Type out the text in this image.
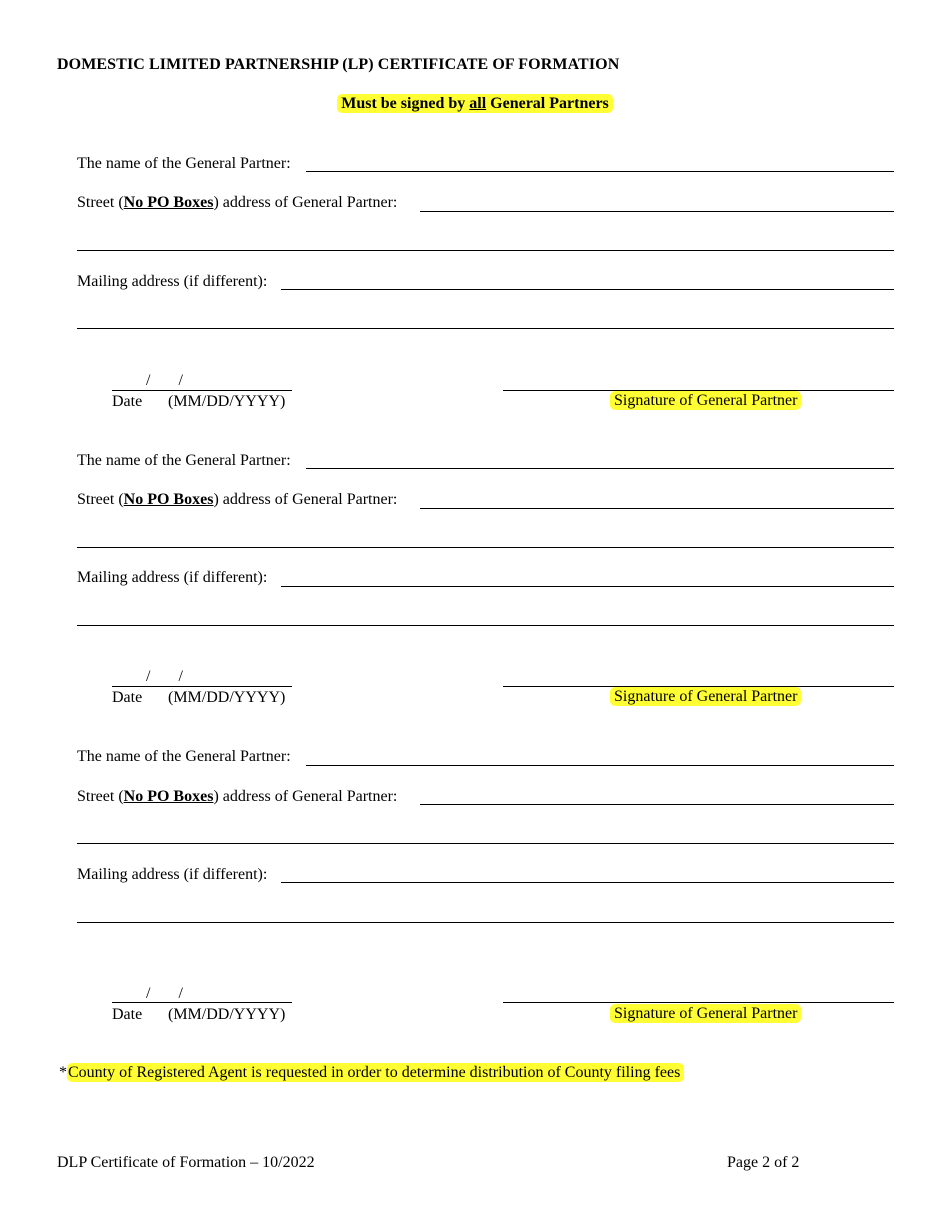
DOMESTIC LIMITED PARTNERSHIP (LP) CERTIFICATE OF FORMATION
Must be signed by all General Partners
The name of the General Partner:
Street (No PO Boxes) address of General Partner:
Mailing address (if different):
/       /
Date (MM/DD/YYYY)	Signature of General Partner
The name of the General Partner:
Street (No PO Boxes) address of General Partner:
Mailing address (if different):
/       /
Date (MM/DD/YYYY)	Signature of General Partner
The name of the General Partner:
Street (No PO Boxes) address of General Partner:
Mailing address (if different):
/       /
Date (MM/DD/YYYY)	Signature of General Partner
*County of Registered Agent is requested in order to determine distribution of County filing fees
DLP Certificate of Formation – 10/2022	Page 2 of 2
